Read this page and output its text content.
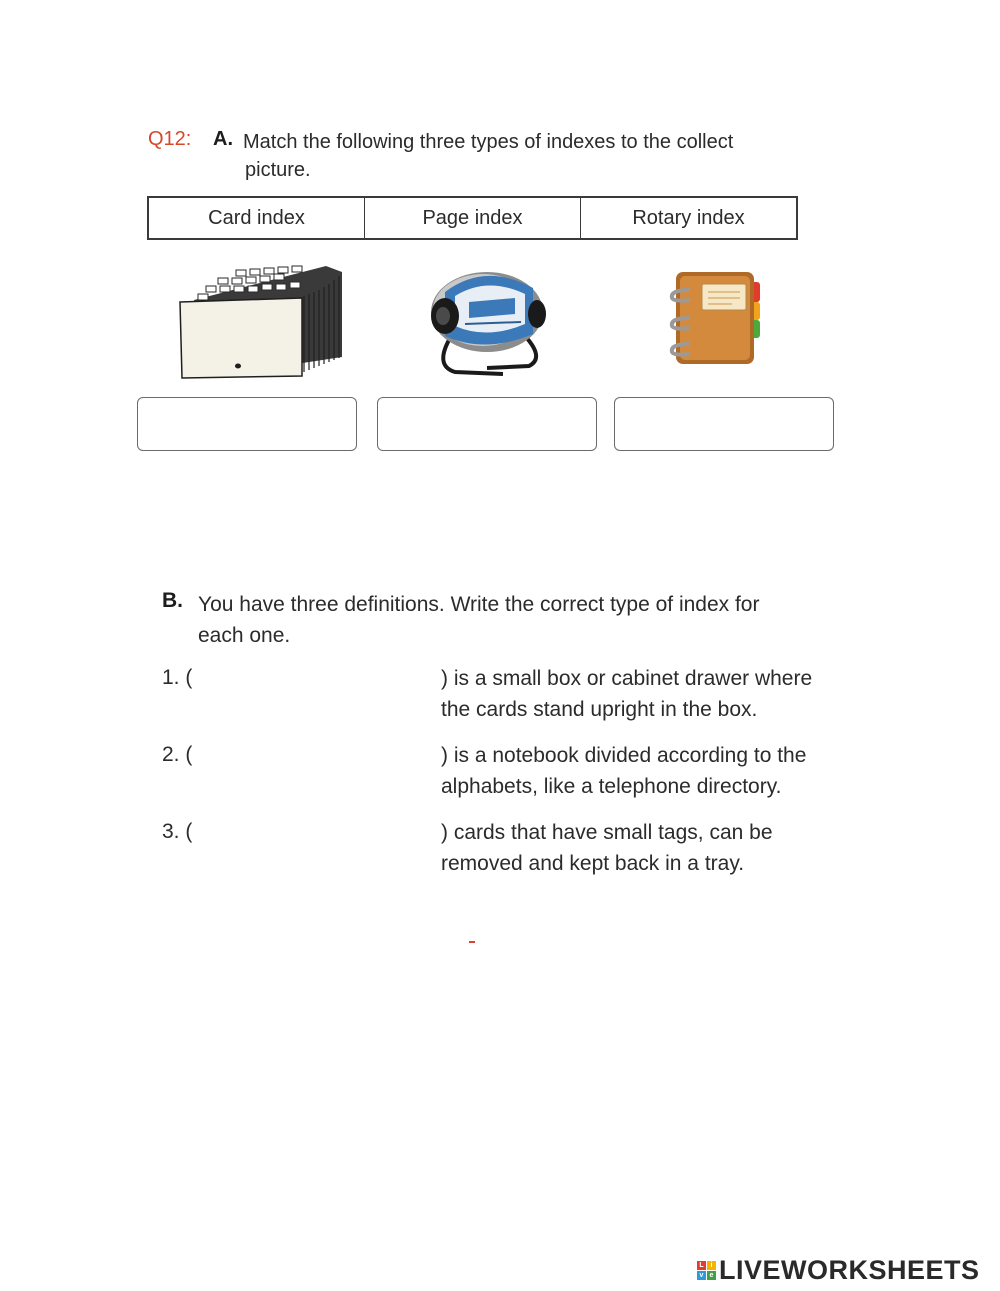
Q12: A. Match the following three types of indexes to the collect
picture.
Card index	Page index	Rotary index
B. You have three definitions. Write the correct type of index for
each one.
1. (	) is a small box or cabinet drawer where
the cards stand upright in the box.
2. (	) is a notebook divided according to the
alphabets, like a telephone directory.
3. (	) cards that have small tags, can be
removed and kept back in a tray.
L i
v e LIVEWORKSHEETS
